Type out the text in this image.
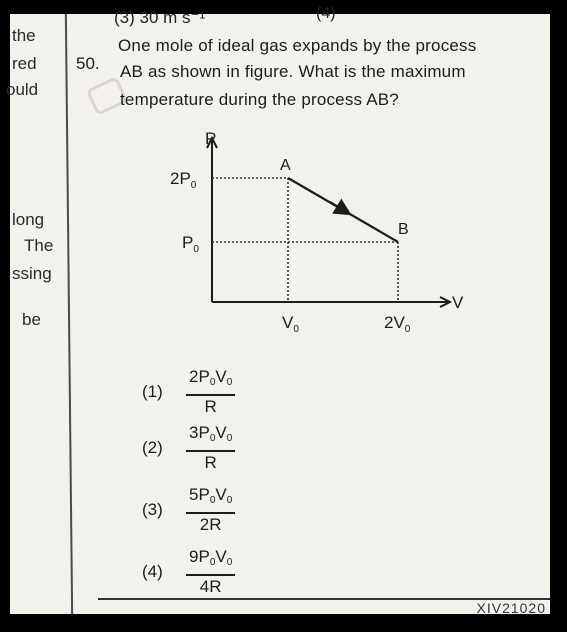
the
red
ould
long
The
ssing
be
(3) 30 m s⁻¹	(4)
50.
One mole of ideal gas expands by the process
AB as shown in figure. What is the maximum
temperature during the process AB?
P
V
$2P_0$
$P_0$
$V_0$	$2V_0$
A
B
(1)	$\frac{2P_0V_0}{R}$
(2)	$\frac{3P_0V_0}{R}$
(3)	$\frac{5P_0V_0}{2R}$
(4)	$\frac{9P_0V_0}{4R}$
XIV21020
